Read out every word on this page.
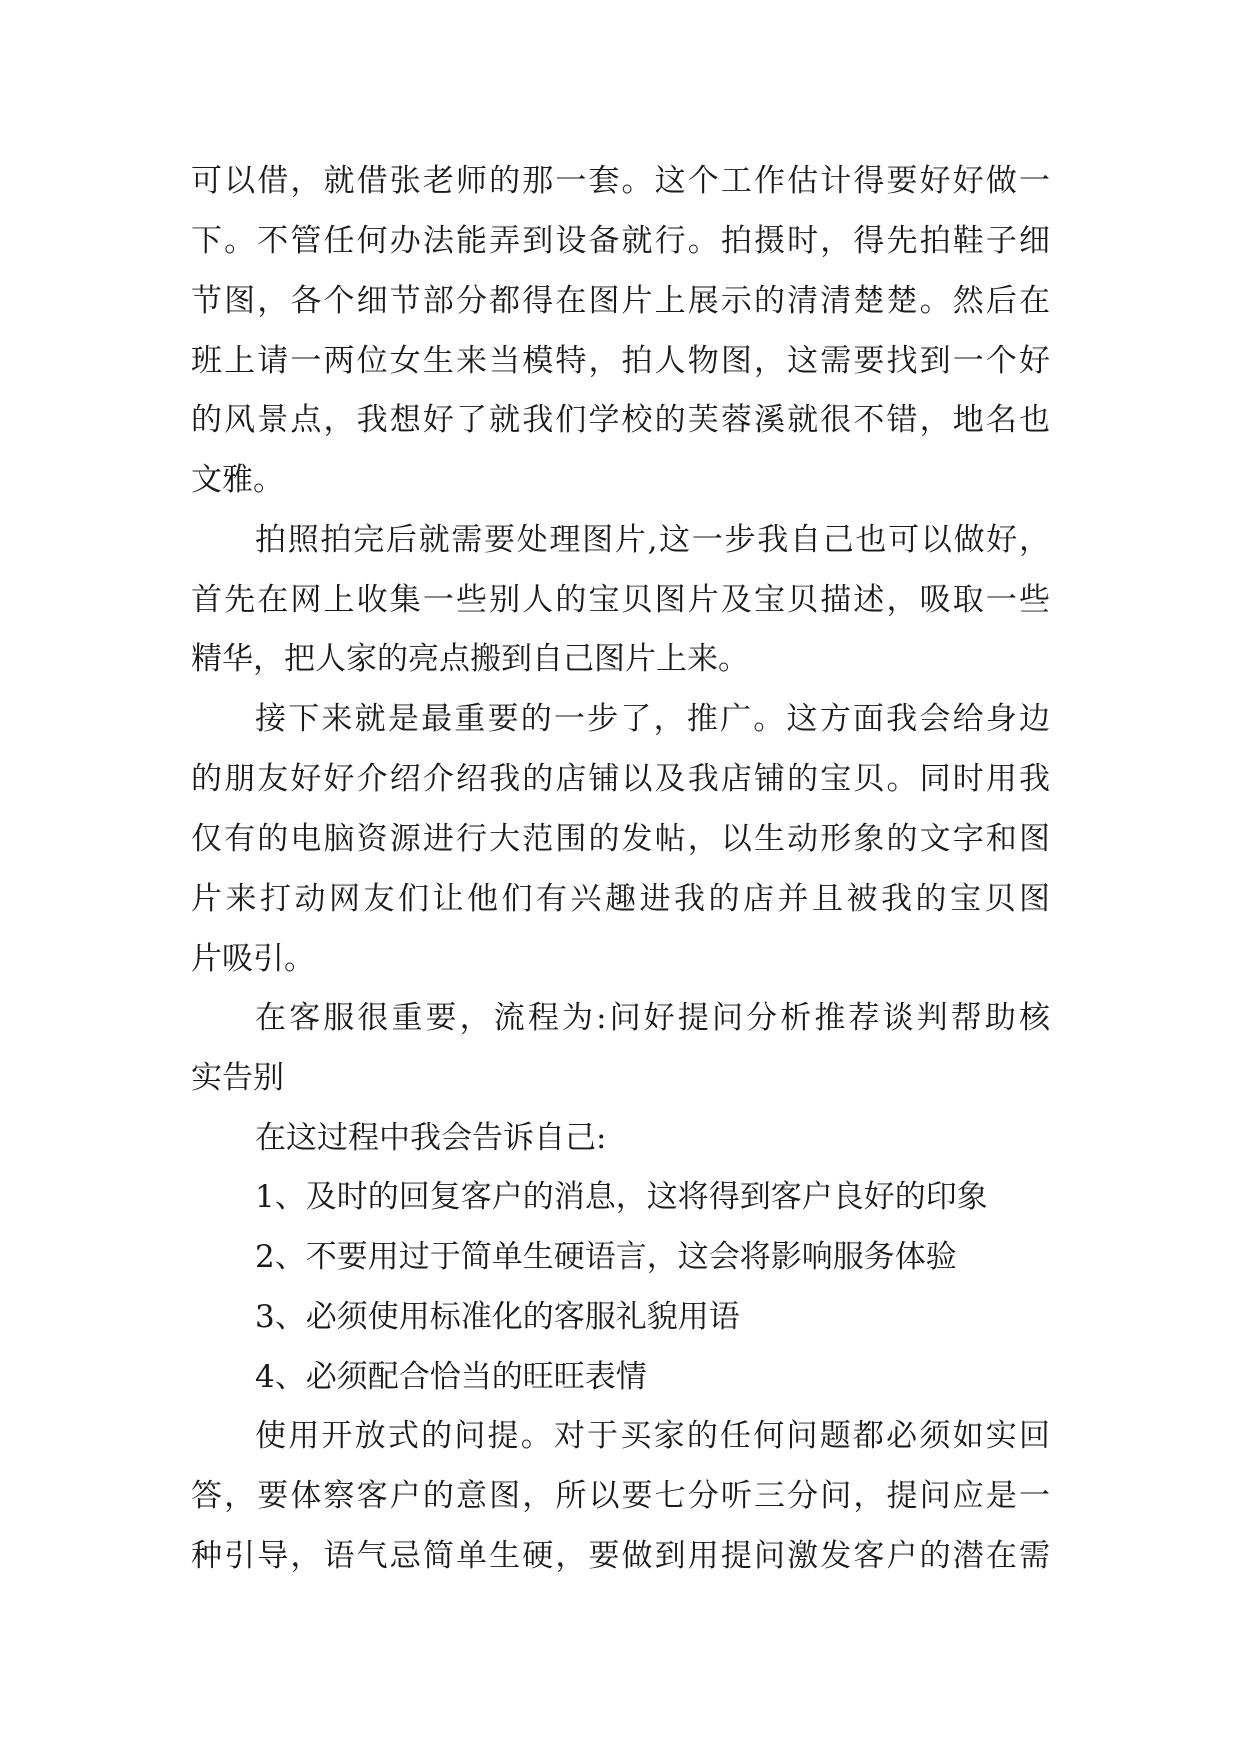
可以借，就借张老师的那一套。这个工作估计得要好好做一
下。不管任何办法能弄到设备就行。拍摄时，得先拍鞋子细
节图，各个细节部分都得在图片上展示的清清楚楚。然后在
班上请一两位女生来当模特，拍人物图，这需要找到一个好
的风景点，我想好了就我们学校的芙蓉溪就很不错，地名也
文雅。
拍照拍完后就需要处理图片,这一步我自己也可以做好，
首先在网上收集一些别人的宝贝图片及宝贝描述，吸取一些
精华，把人家的亮点搬到自己图片上来。
接下来就是最重要的一步了，推广。这方面我会给身边
的朋友好好介绍介绍我的店铺以及我店铺的宝贝。同时用我
仅有的电脑资源进行大范围的发帖，以生动形象的文字和图
片来打动网友们让他们有兴趣进我的店并且被我的宝贝图
片吸引。
在客服很重要，流程为:问好提问分析推荐谈判帮助核
实告别
在这过程中我会告诉自己:
1、及时的回复客户的消息，这将得到客户良好的印象
2、不要用过于简单生硬语言，这会将影响服务体验
3、必须使用标准化的客服礼貌用语
4、必须配合恰当的旺旺表情
使用开放式的问提。对于买家的任何问题都必须如实回
答，要体察客户的意图，所以要七分听三分问，提问应是一
种引导，语气忌简单生硬，要做到用提问激发客户的潜在需
